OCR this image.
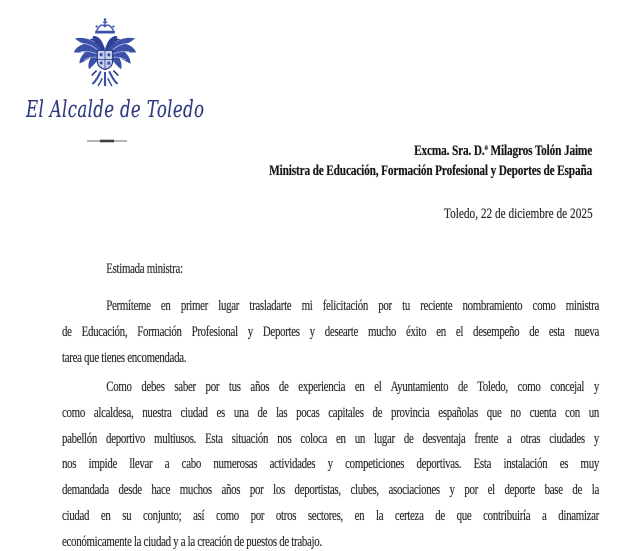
El Alcalde de Toledo
Excma. Sra. D.ª Milagros Tolón Jaime
Ministra de Educación, Formación Profesional y Deportes de España
Toledo, 22 de diciembre de 2025
Estimada ministra:
Permíteme en primer lugar trasladarte mi felicitación por tu reciente nombramiento como ministra
de Educación, Formación Profesional y Deportes y desearte mucho éxito en el desempeño de esta nueva
tarea que tienes encomendada.
Como debes saber por tus años de experiencia en el Ayuntamiento de Toledo, como concejal y
como alcaldesa, nuestra ciudad es una de las pocas capitales de provincia españolas que no cuenta con un
pabellón deportivo multiusos. Esta situación nos coloca en un lugar de desventaja frente a otras ciudades y
nos impide llevar a cabo numerosas actividades y competiciones deportivas. Esta instalación es muy
demandada desde hace muchos años por los deportistas, clubes, asociaciones y por el deporte base de la
ciudad en su conjunto; así como por otros sectores, en la certeza de que contribuiría a dinamizar
económicamente la ciudad y a la creación de puestos de trabajo.
